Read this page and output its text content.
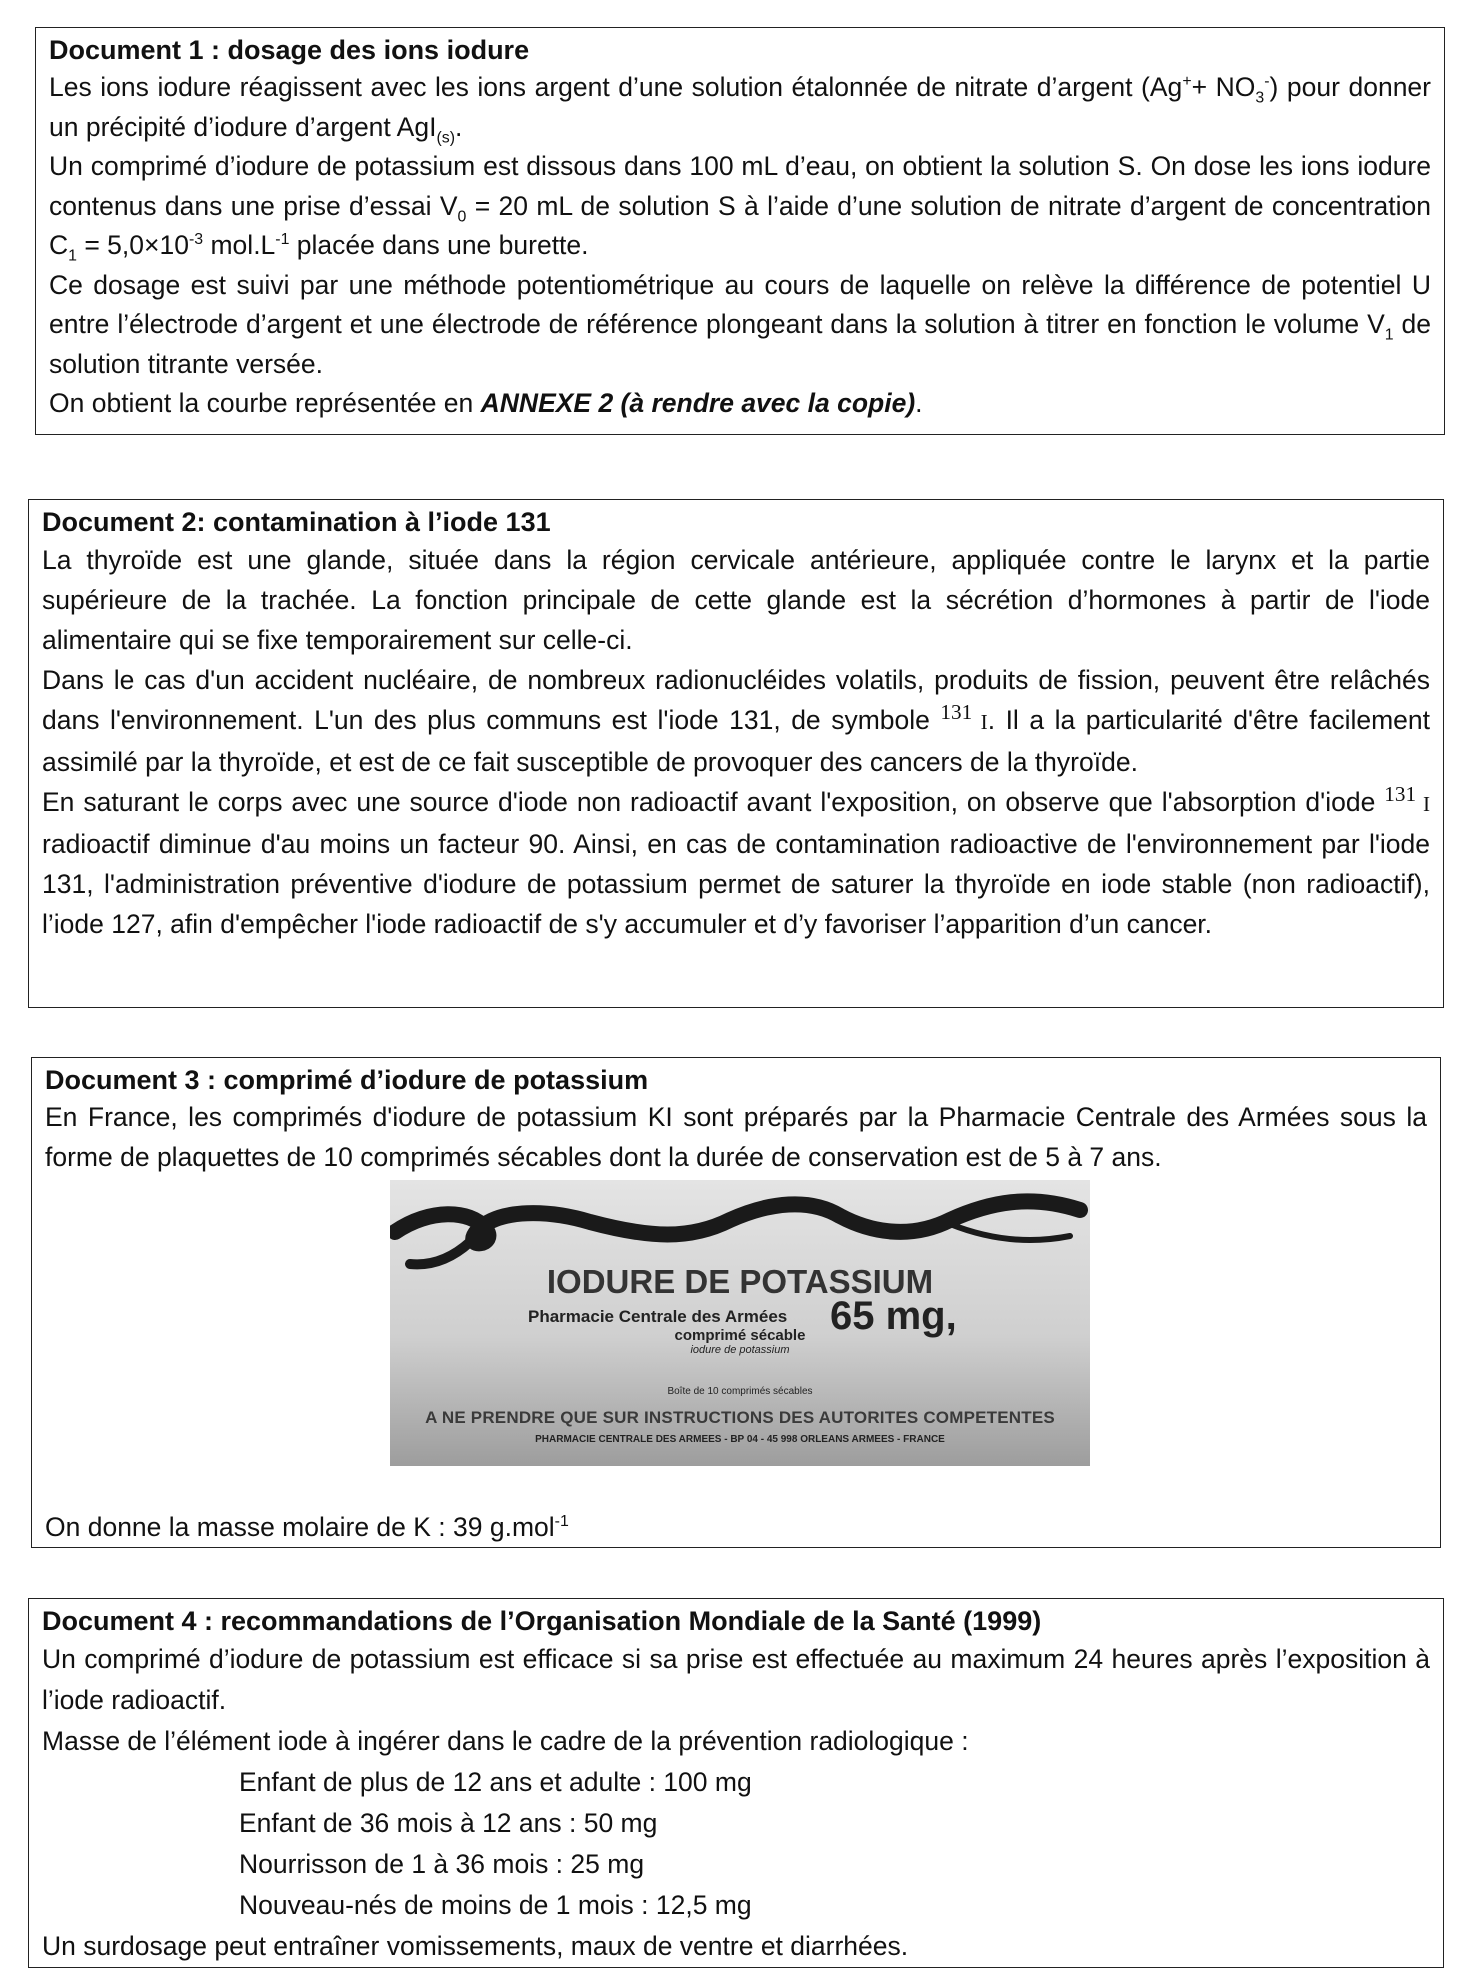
Document 1 : dosage des ions iodure

Les ions iodure réagissent avec les ions argent d’une solution étalonnée de nitrate d’argent $(Ag^++ NO_3^-)$ pour donner un précipité d’iodure d’argent AgI$_{(s)}$.

Un comprimé d’iodure de potassium est dissous dans 100 mL d’eau, on obtient la solution S. On dose les ions iodure contenus dans une prise d’essai $V_0 = 20$ mL de solution S à l’aide d’une solution de nitrate d’argent de concentration $C_1 = 5,0\times 10^{-3}$ $mol.L^{-1}$ placée dans une burette.

Ce dosage est suivi par une méthode potentiométrique au cours de laquelle on relève la différence de potentiel U entre l’électrode d’argent et une électrode de référence plongeant dans la solution à titrer en fonction le volume $V_1$ de solution titrante versée.

On obtient la courbe représentée en ANNEXE 2 (à rendre avec la copie).

Document 2: contamination à l’iode 131

La thyroïde est une glande, située dans la région cervicale antérieure, appliquée contre le larynx et la partie supérieure de la trachée. La fonction principale de cette glande est la sécrétion d’hormones à partir de l'iode alimentaire qui se fixe temporairement sur celle-ci.

Dans le cas d'un accident nucléaire, de nombreux radionucléides volatils, produits de fission, peuvent être relâchés dans l'environnement. L'un des plus communs est l'iode 131, de symbole $^{131}$ I. Il a la particularité d'être facilement assimilé par la thyroïde, et est de ce fait susceptible de provoquer des cancers de la thyroïde.

En saturant le corps avec une source d'iode non radioactif avant l'exposition, on observe que l'absorption d'iode $^{131}$ I radioactif diminue d'au moins un facteur 90. Ainsi, en cas de contamination radioactive de l'environnement par l'iode 131, l'administration préventive d'iodure de potassium permet de saturer la thyroïde en iode stable (non radioactif), l’iode 127, afin d'empêcher l'iode radioactif de s'y accumuler et d’y favoriser l’apparition d’un cancer.

Document 3 : comprimé d’iodure de potassium

En France, les comprimés d'iodure de potassium KI sont préparés par la Pharmacie Centrale des Armées sous la forme de plaquettes de 10 comprimés sécables dont la durée de conservation est de 5 à 7 ans.

IODURE DE POTASSIUM
Pharmacie Centrale des Armées 65 mg,
comprimé sécable
iodure de potassium
Boîte de 10 comprimés sécables
A NE PRENDRE QUE SUR INSTRUCTIONS DES AUTORITES COMPETENTES
PHARMACIE CENTRALE DES ARMEES - BP 04 - 45 998 ORLEANS ARMEES - FRANCE

On donne la masse molaire de K : 39 g.mol$^{-1}$

Document 4 : recommandations de l’Organisation Mondiale de la Santé (1999)

Un comprimé d’iodure de potassium est efficace si sa prise est effectuée au maximum 24 heures après l’exposition à l’iode radioactif.

Masse de l’élément iode à ingérer dans le cadre de la prévention radiologique :

Enfant de plus de 12 ans et adulte : 100 mg

Enfant de 36 mois à 12 ans : 50 mg

Nourrisson de 1 à 36 mois : 25 mg

Nouveau-nés de moins de 1 mois : 12,5 mg

Un surdosage peut entraîner vomissements, maux de ventre et diarrhées.
